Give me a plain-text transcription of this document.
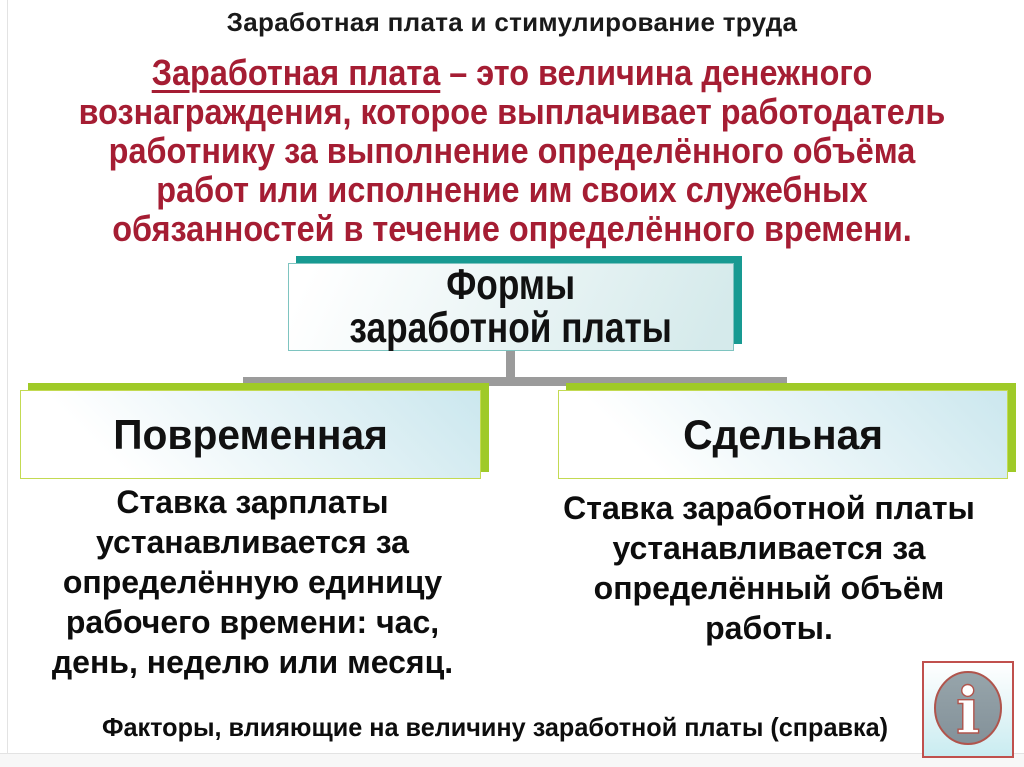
Заработная плата и стимулирование труда
Заработная плата – это величина денежного
вознаграждения, которое выплачивает работодатель
работнику за выполнение определённого объёма
работ или исполнение им своих служебных
обязанностей в течение определённого времени.
Формы
заработной платы
Повременная	Сдельная
Ставка зарплаты
устанавливается за
определённую единицу
рабочего времени: час,
день, неделю или месяц.
Ставка заработной платы
устанавливается за
определённый объём
работы.
Факторы, влияющие на величину заработной платы (справка)	i
